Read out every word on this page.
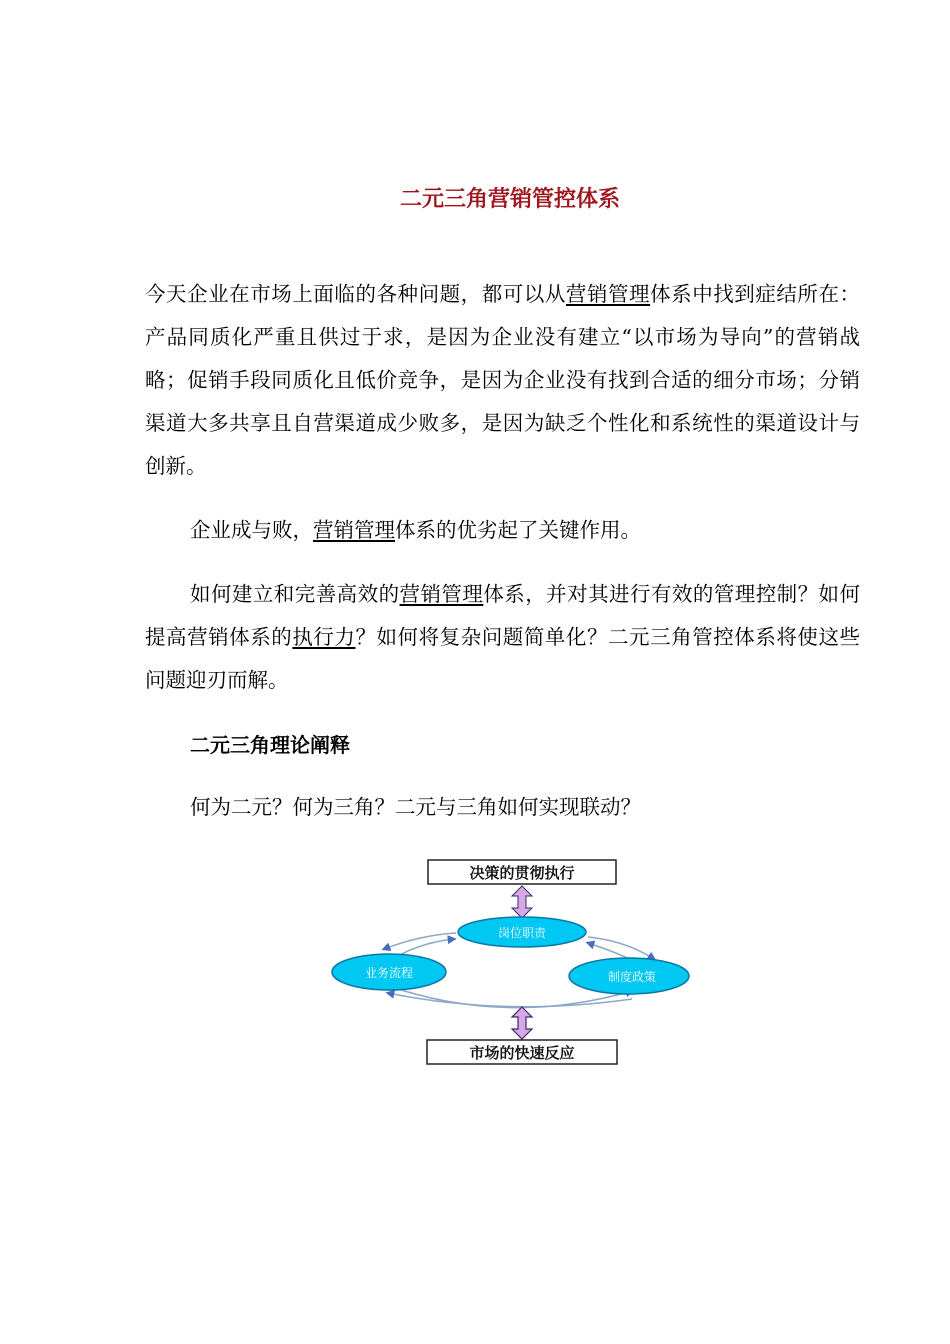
二元三角营销管控体系

今天企业在市场上面临的各种问题，都可以从营销管理体系中找到症结所在：产品同质化严重且供过于求，是因为企业没有建立“以市场为导向”的营销战略；促销手段同质化且低价竞争，是因为企业没有找到合适的细分市场；分销渠道大多共享且自营渠道成少败多，是因为缺乏个性化和系统性的渠道设计与创新。

企业成与败，营销管理体系的优劣起了关键作用。

如何建立和完善高效的营销管理体系，并对其进行有效的管理控制？如何提高营销体系的执行力？如何将复杂问题简单化？二元三角管控体系将使这些问题迎刃而解。

二元三角理论阐释

何为二元？何为三角？二元与三角如何实现联动？

决策的贯彻执行
岗位职责
业务流程	制度政策
市场的快速反应
